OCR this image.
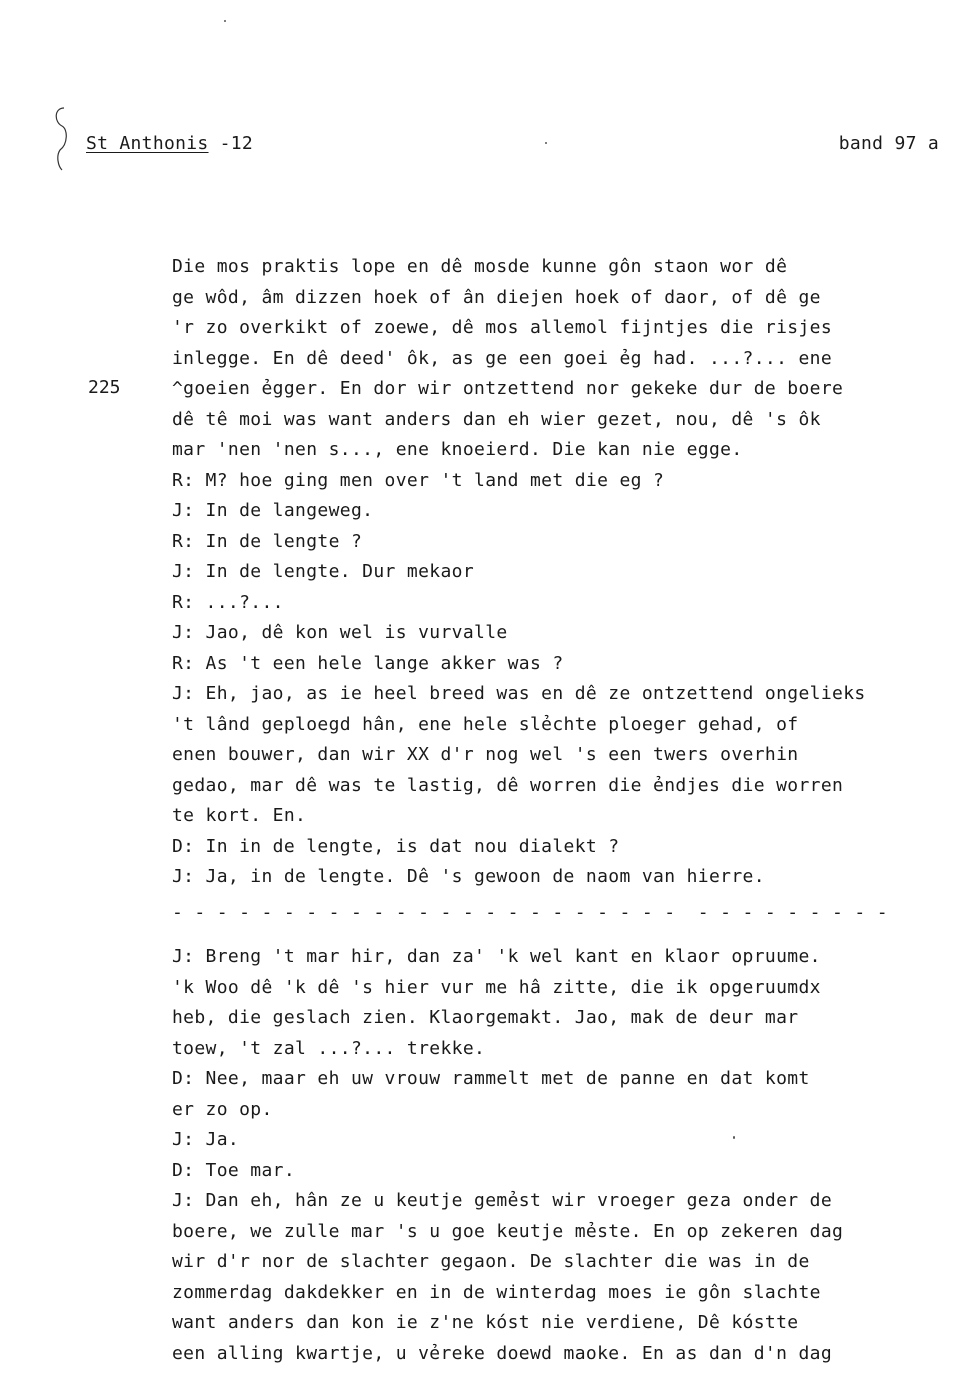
St Anthonis -12	band 97 a
225
Die mos praktis lope en dê mosde kunne gôn staon wor dê
ge wôd, âm dizzen hoek of ân diejen hoek of daor, of dê ge
'r zo overkikt of zoewe, dê mos allemol fijntjes die risjes
inlegge. En dê deed' ôk, as ge een goei ẻg had. ...?... ene
^goeien ẻgger. En dor wir ontzettend nor gekeke dur de boere
dê tê moi was want anders dan eh wier gezet, nou, dê 's ôk
mar 'nen 'nen s..., ene knoeierd. Die kan nie egge.
R: M? hoe ging men over 't land met die eg ?
J: In de langeweg.
R: In de lengte ?
J: In de lengte. Dur mekaor
R: ...?...
J: Jao, dê kon wel is vurvalle
R: As 't een hele lange akker was ?
J: Eh, jao, as ie heel breed was en dê ze ontzettend ongelieks
't lând geploegd hân, ene hele slẻchte ploeger gehad, of
enen bouwer, dan wir XX d'r nog wel 's een twers overhin
gedao, mar dê was te lastig, dê worren die ẻndjes die worren
te kort. En.
D: In in de lengte, is dat nou dialekt ?
J: Ja, in de lengte. Dê 's gewoon de naom van hierre.
- - - - - - - - - - - - - - - - - - - - - - -  - - - - - - - - -
J: Breng 't mar hir, dan za' 'k wel kant en klaor opruume.
'k Woo dê 'k dê 's hier vur me hâ zitte, die ik opgeruumdx
heb, die geslach zien. Klaorgemakt. Jao, mak de deur mar
toew, 't zal ...?... trekke.
D: Nee, maar eh uw vrouw rammelt met de panne en dat komt
er zo op.
J: Ja.
D: Toe mar.
J: Dan eh, hân ze u keutje gemẻst wir vroeger geza onder de
boere, we zulle mar 's u goe keutje mẻste. En op zekeren dag
wir d'r nor de slachter gegaon. De slachter die was in de
zommerdag dakdekker en in de winterdag moes ie gôn slachte
want anders dan kon ie z'ne kóst nie verdiene, Dê kóstte
een alling kwartje, u vẻreke doewd maoke. En as dan d'n dag
